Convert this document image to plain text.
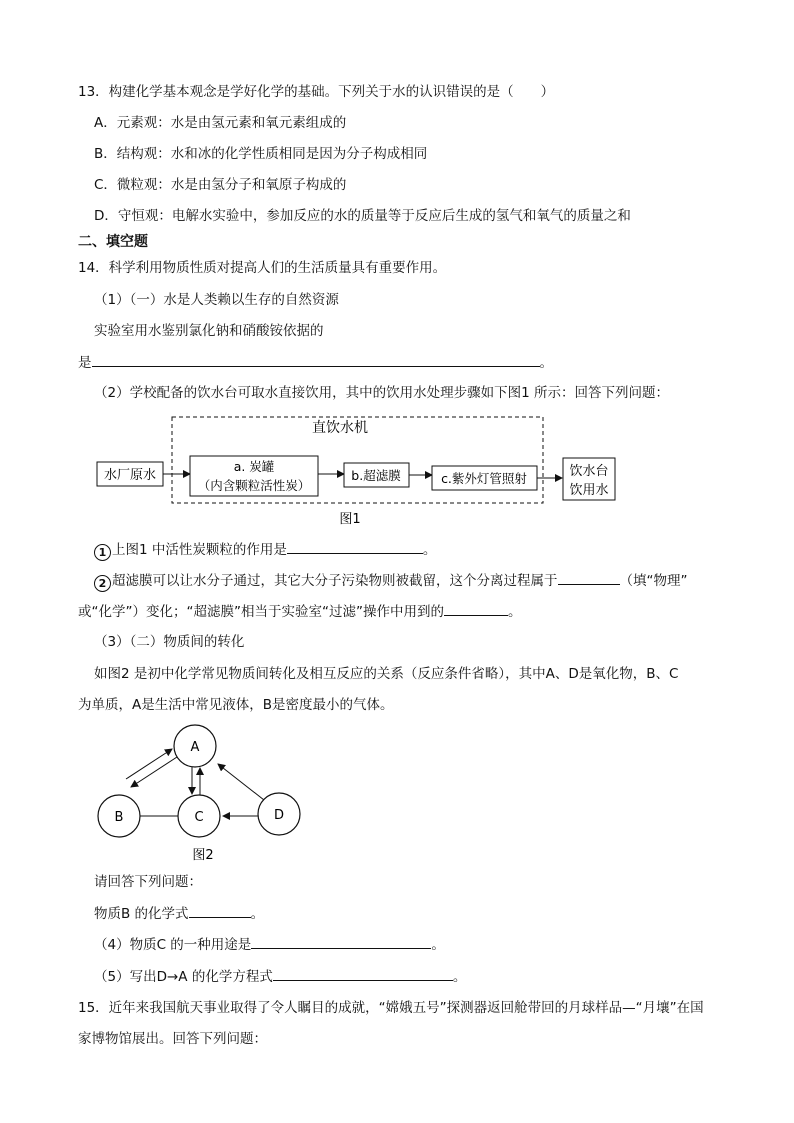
13．构建化学基本观念是学好化学的基础。下列关于水的认识错误的是（　　）
A．元素观：水是由氢元素和氧元素组成的
B．结构观：水和冰的化学性质相同是因为分子构成相同
C．微粒观：水是由氢分子和氧原子构成的
D．守恒观：电解水实验中，参加反应的水的质量等于反应后生成的氢气和氧气的质量之和
二、填空题
14．科学利用物质性质对提高人们的生活质量具有重要作用。
（1）（一）水是人类赖以生存的自然资源
实验室用水鉴别氯化钠和硝酸铵依据的
是	。
（2）学校配备的饮水台可取水直接饮用，其中的饮用水处理步骤如下图1 所示：回答下列问题：
直饮水机
水厂原水
a. 炭罐
（内含颗粒活性炭）
b.超滤膜	c.紫外灯管照射	饮水台
饮用水
图1
1 上图1 中活性炭颗粒的作用是	。
2 超滤膜可以让水分子通过，其它大分子污染物则被截留，这个分离过程属于	（填“物理”
或“化学”）变化；“超滤膜”相当于实验室“过滤”操作中用到的	。
（3）（二）物质间的转化
如图2 是初中化学常见物质间转化及相互反应的关系（反应条件省略），其中A、D是氧化物，B、C
为单质，A是生活中常见液体，B是密度最小的气体。
A
B	C	D
图2
请回答下列问题：
物质B 的化学式	。
（4）物质C 的一种用途是	。
（5）写出D→A 的化学方程式	。
15．近年来我国航天事业取得了令人瞩目的成就，“嫦娥五号”探测器返回舱带回的月球样品—“月壤”在国
家博物馆展出。回答下列问题：
